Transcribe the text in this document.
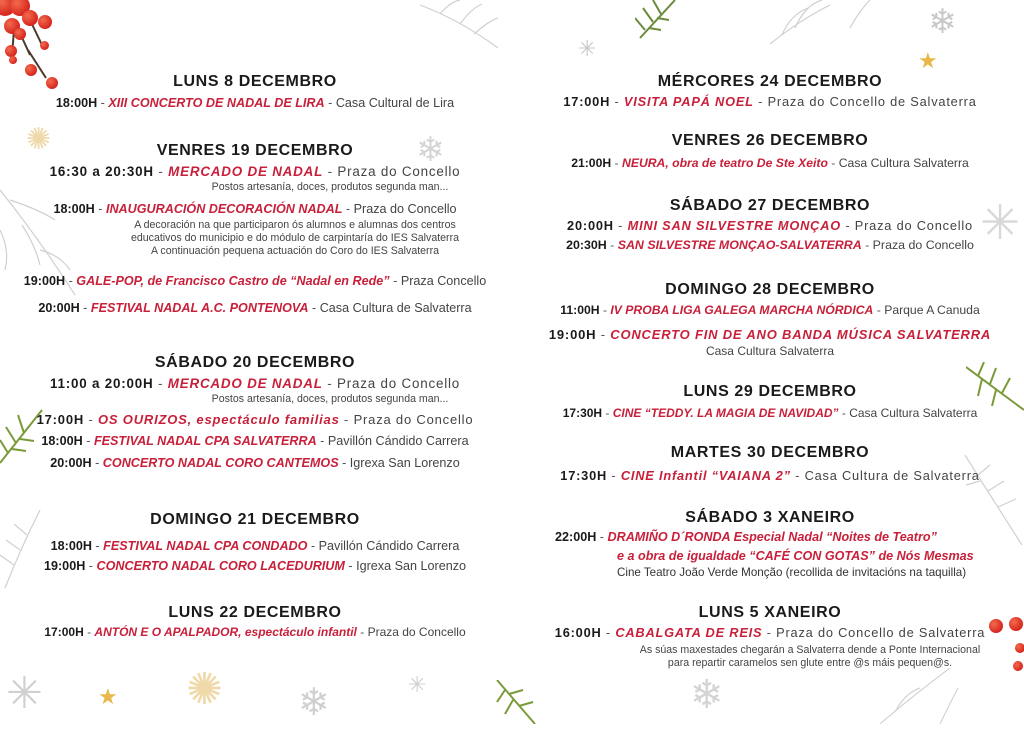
❄
★
✳
✺	❄
✳	★ ✺ ❄	✳
✳
❄
LUNS 8 DECEMBRO
18:00H - XIII CONCERTO DE NADAL DE LIRA - Casa Cultural de Lira
VENRES 19 DECEMBRO
16:30 a 20:30H - MERCADO DE NADAL - Praza do Concello
Postos artesanía, doces, produtos segunda man...
18:00H - INAUGURACIÓN DECORACIÓN NADAL - Praza do Concello
A decoración na que participaron ós alumnos e alumnas dos centros
educativos do municipio e do módulo de carpintaría do IES Salvaterra
A continuación pequena actuación do Coro do IES Salvaterra
19:00H - GALE-POP, de Francisco Castro de “Nadal en Rede” - Praza Concello
20:00H - FESTIVAL NADAL A.C. PONTENOVA - Casa Cultura de Salvaterra
SÁBADO 20 DECEMBRO
11:00 a 20:00H - MERCADO DE NADAL - Praza do Concello
Postos artesanía, doces, produtos segunda man...
17:00H - OS OURIZOS, espectáculo familias - Praza do Concello
18:00H - FESTIVAL NADAL CPA SALVATERRA - Pavillón Cándido Carrera
20:00H - CONCERTO NADAL CORO CANTEMOS - Igrexa San Lorenzo
DOMINGO 21 DECEMBRO
18:00H - FESTIVAL NADAL CPA CONDADO - Pavillón Cándido Carrera
19:00H - CONCERTO NADAL CORO LACEDURIUM - Igrexa San Lorenzo
LUNS 22 DECEMBRO
17:00H - ANTÓN E O APALPADOR, espectáculo infantil - Praza do Concello
MÉRCORES 24 DECEMBRO
17:00H - VISITA PAPÁ NOEL - Praza do Concello de Salvaterra
VENRES 26 DECEMBRO
21:00H - NEURA, obra de teatro De Ste Xeito - Casa Cultura Salvaterra
SÁBADO 27 DECEMBRO
20:00H - MINI SAN SILVESTRE MONÇAO - Praza do Concello
20:30H - SAN SILVESTRE MONÇAO-SALVATERRA - Praza do Concello
DOMINGO 28 DECEMBRO
11:00H - IV PROBA LIGA GALEGA MARCHA NÓRDICA - Parque A Canuda
19:00H - CONCERTO FIN DE ANO BANDA MÚSICA SALVATERRA
Casa Cultura Salvaterra
LUNS 29 DECEMBRO
17:30H - CINE “TEDDY. LA MAGIA DE NAVIDAD” - Casa Cultura Salvaterra
MARTES 30 DECEMBRO
17:30H - CINE Infantil “VAIANA 2” - Casa Cultura de Salvaterra
SÁBADO 3 XANEIRO
22:00H - DRAMIÑO D´RONDA Especial Nadal “Noites de Teatro”
e a obra de igualdade “CAFÉ CON GOTAS” de Nós Mesmas
Cine Teatro João Verde Monção (recollida de invitacións na taquilla)
LUNS 5 XANEIRO
16:00H - CABALGATA DE REIS - Praza do Concello de Salvaterra
As súas maxestades chegarán a Salvaterra dende a Ponte Internacional
para repartir caramelos sen glute entre @s máis pequen@s.
